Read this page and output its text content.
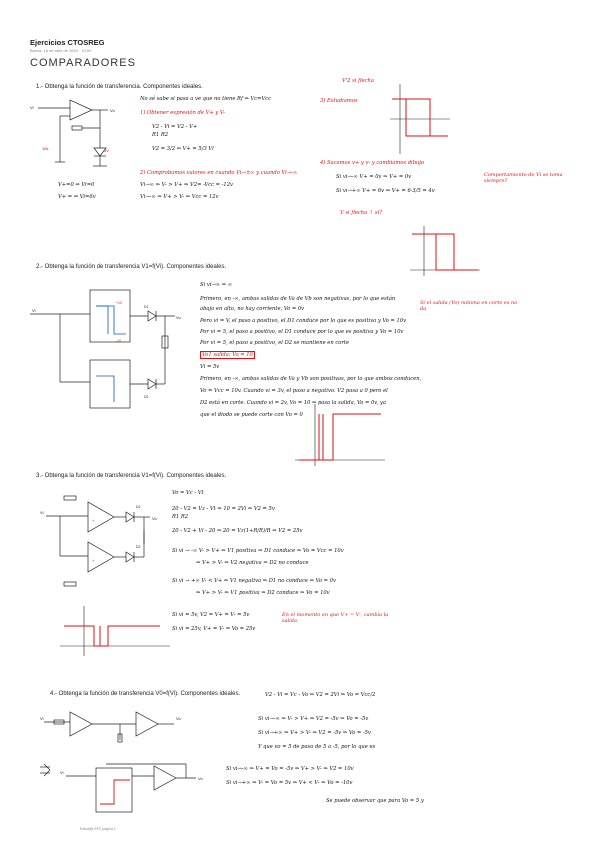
Ejercicios CTOSREG
Barcia, 16 de abril de 2020 · 10:00
COMPARADORES
1.- Obtenga la función de transferencia. Componentes ideales.
Vi
Vo
5V
10k
No sé sabe si pasa a ve que no tiene Rf ⇒ Vc=Vcc
1) Obtener expresión de V+ y V-
V2 - Vi = V2 - V+
R1 R2
V2 = 3/2 ⇒ V+ = 5/3 Vi
2) Comprobamos valores en cuando Vi→±∞ y cuando Vi→-∞
Vi→∞ ⇒ V- > V+ ⇒ V2= -Vcc = -12v
Vi→-∞ ⇒ V+ > V- ⇒ Vcc = 12v
3) Estudiamos
4) Sacamos v+ y v- y cambiamos dibujo
Si vi→-∞ V+ = 0v ⇒ V+ = 0v
Si vi→+∞ V+ = 6v ⇒ V+ = 6·3/5 = 4v
V+=0 ⇐ Vi=0
V+ = ⇐ Vi=6v
V'2 si flecha
Comportamiento de Vi se toma siempre?
V si flecha ↑ sí?
2.- Obtenga la función de transferencia V1=f(Vi). Componentes ideales.
Vi
Vo
+10
-10
D1
D2
Si vi→∞ ⇒ ∞
Primero, en -∞, ambas salidas de Va de Vb son negativas, por lo que están
abajo en alto, no hay corriente, Vo = 0v
Pero vi = V, el paso a positivo, el D1 conduce por lo que es positiva y Vo = 10v
Por vi = 5, el paso a positivo, el D1 conduce por lo que es positiva y Vo = 10v
Por vi = 5, el paso a positivo, el D2 se mantiene en corte
Vo1 salida: Vo = 10
Vi = 5v
Primero, en -∞, ambas salidas de Va y Vb son positivas, por lo que ambos conducen,
Vo = Vcc = 10v. Cuando vi = 3v, el paso a negativo. V2 pasa a 0 pero el
D2 está en corte. Cuando vi = 2v, Vo = 10 ⇒ pasa la salida, Vo = 0v, ya
que el diodo se puede corte con Vo = 0
Si el salida (Vo) mínima en corte es no da
3.- Obtenga la función de transferencia V1=f(Vi). Componentes ideales.
Vi
Vo
D1
D2
+
+
Vo = Vc - Vt
20 - V2 = Vz - Vt ⇒ 10 = 2Vi ⇒ V2 = 5v
R1 R2
20 - V2 + Vi - 20 ⇒ 20 = Vz(1+R/R)/R ⇒ V2 = 25v
Si vi → -∞ V- > V+ ⇒ V1 positiva ⇒ D1 conduce ⇒ Vo = Vcc = 10v
⇒ V+ > V- ⇒ V2 negativa ⇒ D2 no conduce
Si vi → +∞ V- < V+ ⇒ V1 negativa ⇒ D1 no conduce ⇒ Vo = 0v
⇒ V+ > V- ⇒ V1 positiva ⇒ D2 conduce ⇒ Vo = 10v
Si vi = 5v, V2 = V+ = V- = 5v
Si vi = 25v, V+ = V- = Vo = 25v
En el momento en que V+ = V-, cambia la salida
4.- Obtenga la función de transferencia V0=f(Vi). Componentes ideales.
Vi	Vo
V2 - Vi = Vc - Vo ⇒ V2 = 2Vi ⇒ Vo = Vcc/2
Si vi→-∞ ⇒ V- > V+ ⇒ V2 = -5v ⇒ Vo = -5v
Si vi→+∞ ⇒ V+ > V- ⇒ V2 = -5v ⇒ Vo = -5v
Y que vo = 5 de paso de 5 a -5, por lo que es
Si vi→-∞ ⇒ V+ = Vo = -5v ⇒ V+ > V- ⇒ V2 = 10v
Si vi→+∞ ⇒ V- = Vo = 5v ⇒ V+ < V- ⇒ Vo = -10v
Se puede observar que para Vo = 5 y
Vi
Vo
Estudi@ EPC página 1
